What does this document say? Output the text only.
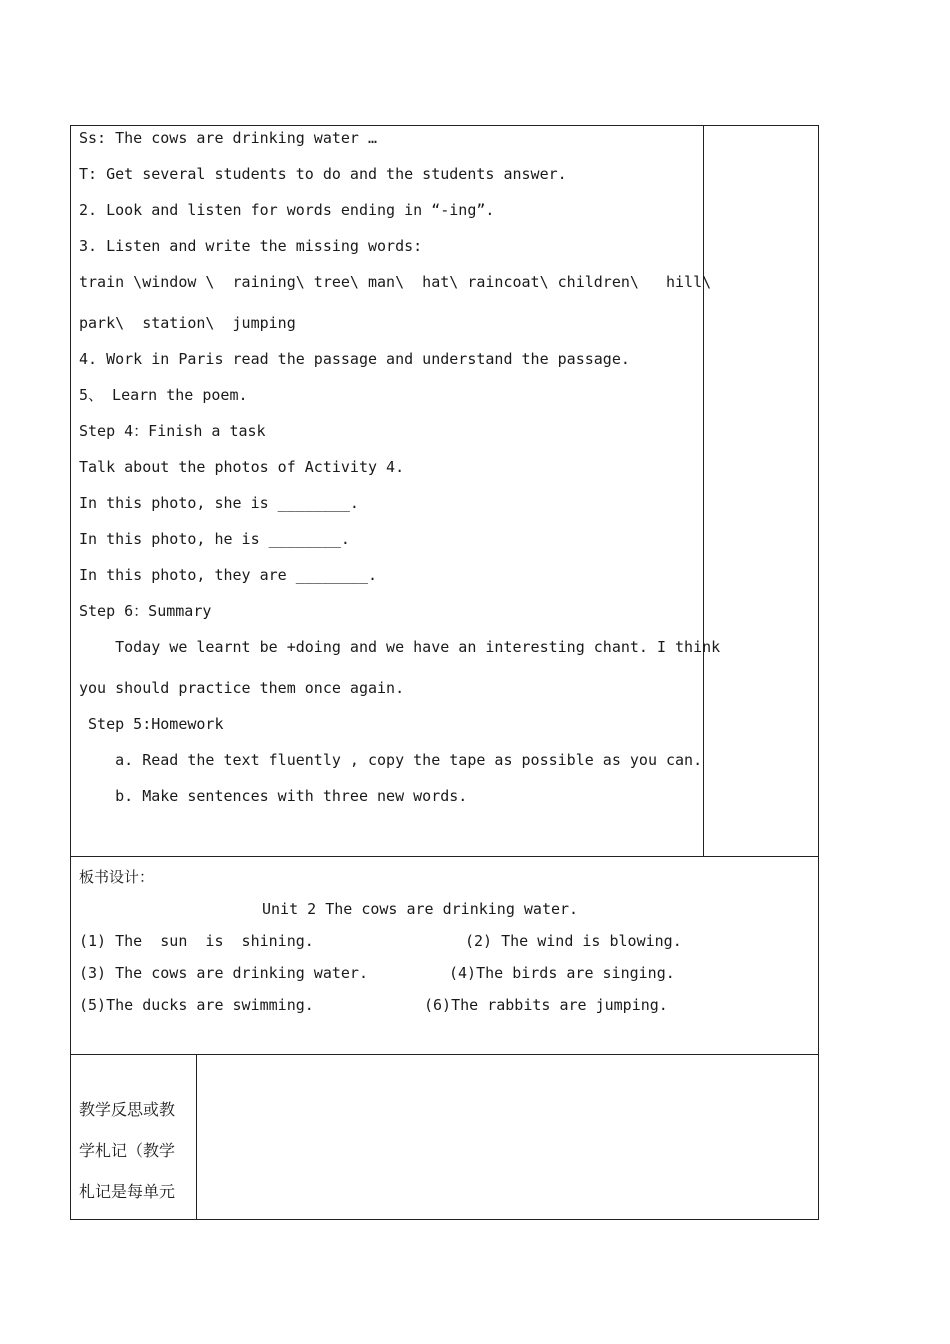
Ss: The cows are drinking water …
T: Get several students to do and the students answer.
2. Look and listen for words ending in “-ing”.
3. Listen and write the missing words:
train \window \  raining\ tree\ man\  hat\ raincoat\ children\   hill\
park\  station\  jumping
4. Work in Paris read the passage and understand the passage.
5、 Learn the poem.
Step 4：Finish a task
Talk about the photos of Activity 4.
In this photo, she is ________.
In this photo, he is ________.
In this photo, they are ________.
Step 6：Summary
Today we learnt be +doing and we have an interesting chant. I think
you should practice them once again.
Step 5:Homework
a. Read the text fluently , copy the tape as possible as you can.
b. Make sentences with three new words.
板书设计：
Unit 2 The cows are drinking water.
(1) The  sun  is  shining.	(2) The wind is blowing.
(3) The cows are drinking water.	(4)The birds are singing.
(5)The ducks are swimming.	(6)The rabbits are jumping.
教学反思或教
学札记（教学
札记是每单元
